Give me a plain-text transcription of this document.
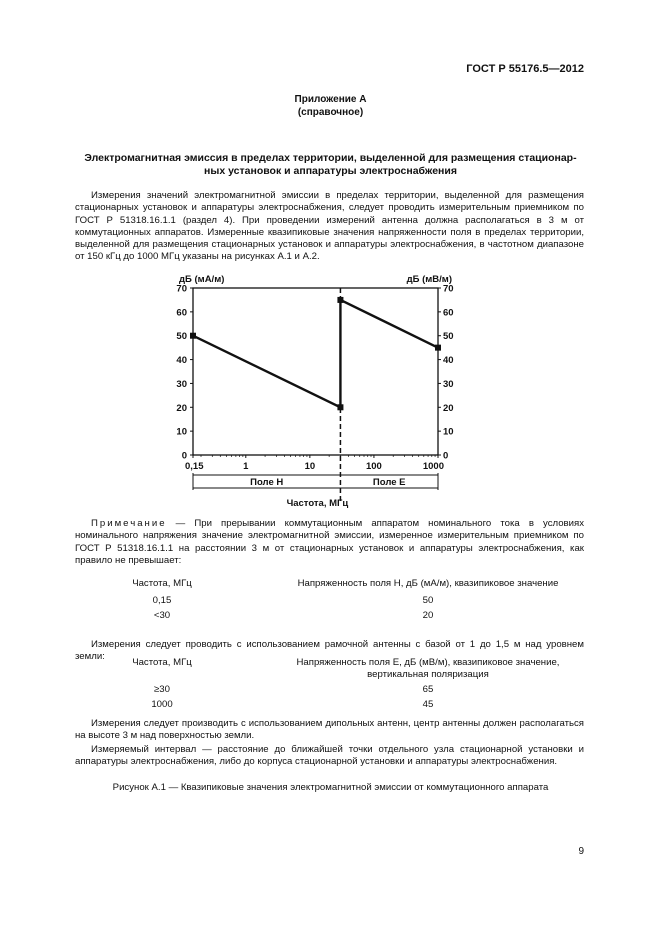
ГОСТ Р 55176.5—2012
Приложение А
(справочное)
Электромагнитная эмиссия в пределах территории, выделенной для размещения стационар-
ных установок и аппаратуры электроснабжения
Измерения значений электромагнитной эмиссии в пределах территории, выделенной для размещения стационарных установок и аппаратуры электроснабжения, следует проводить измерительным приемником по ГОСТ Р 51318.16.1.1 (раздел 4). При проведении измерений антенна должна располагаться в 3 м от коммутационных аппаратов. Измеренные квазипиковые значения напряженности поля в пределах территории, выделенной для размещения стационарных установок и аппаратуры электроснабжения, в частотном диапазоне от 150 кГц до 1000 МГц указаны на рисунках А.1 и А.2.
0	0
10	10
20	20
30	30
40	40
50	50
60	60
70	70
дБ (мА/м)	дБ (мВ/м)
0,15	1	10	100	1000
Поле Н	Поле Е
Частота, МГц
Примечание — При прерывании коммутационным аппаратом номинального тока в условиях номинального напряжения значение электромагнитной эмиссии, измеренное измерительным приемником по ГОСТ Р 51318.16.1.1 на расстоянии 3 м от стационарных установок и аппаратуры электроснабжения, как правило не превышает:
Частота, МГц	Напряженность поля Н, дБ (мА/м), квазипиковое значение
0,15	50
<30	20
Измерения следует проводить с использованием рамочной антенны с базой от 1 до 1,5 м над уровнем земли:
Частота, МГц	Напряженность поля Е, дБ (мВ/м), квазипиковое значение,
вертикальная поляризация
≥30	65
1000	45
Измерения следует производить с использованием дипольных антенн, центр антенны должен располагаться на высоте 3 м над поверхностью земли.
Измеряемый интервал — расстояние до ближайшей точки отдельного узла стационарной установки и аппаратуры электроснабжения, либо до корпуса стационарной установки и аппаратуры электроснабжения.
Рисунок А.1 — Квазипиковые значения электромагнитной эмиссии от коммутационного аппарата
9
